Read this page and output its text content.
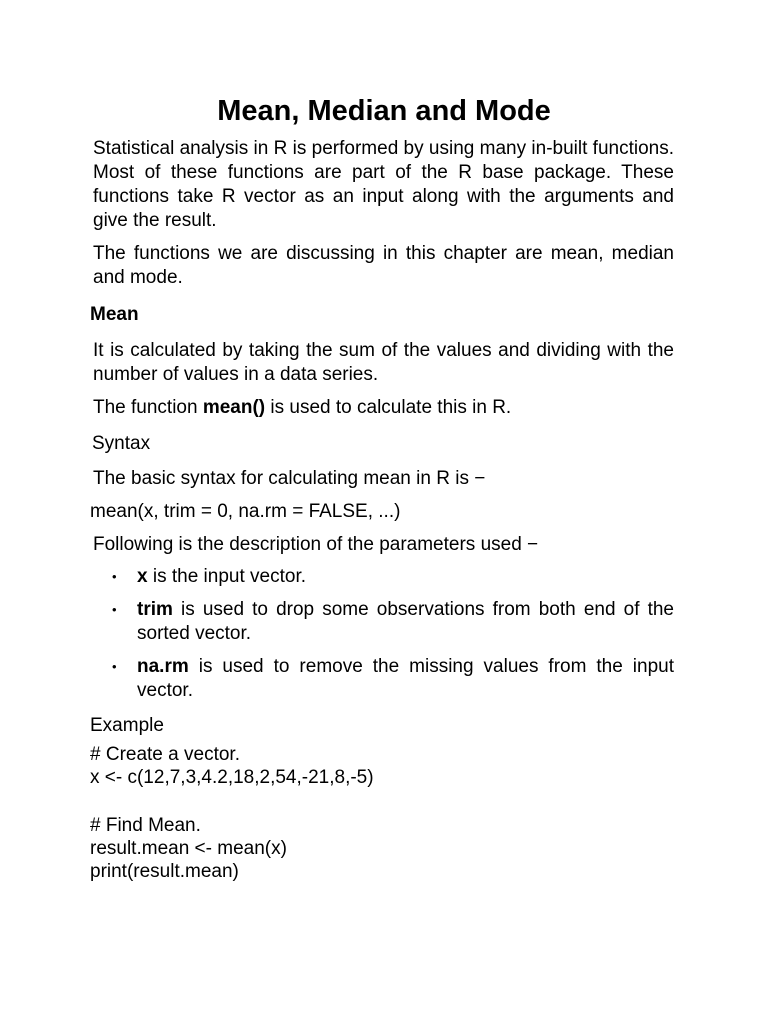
Mean, Median and Mode

Statistical analysis in R is performed by using many in-built functions. Most of these functions are part of the R base package. These functions take R vector as an input along with the arguments and give the result.

The functions we are discussing in this chapter are mean, median and mode.

Mean

It is calculated by taking the sum of the values and dividing with the number of values in a data series.

The function mean() is used to calculate this in R.
Syntax
The basic syntax for calculating mean in R is −
mean(x, trim = 0, na.rm = FALSE, ...)
Following is the description of the parameters used −
• x is the input vector.
• trim is used to drop some observations from both end of the sorted vector.
• na.rm is used to remove the missing values from the input vector.
Example
# Create a vector.
x <- c(12,7,3,4.2,18,2,54,-21,8,-5)
# Find Mean.
result.mean <- mean(x)
print(result.mean)
